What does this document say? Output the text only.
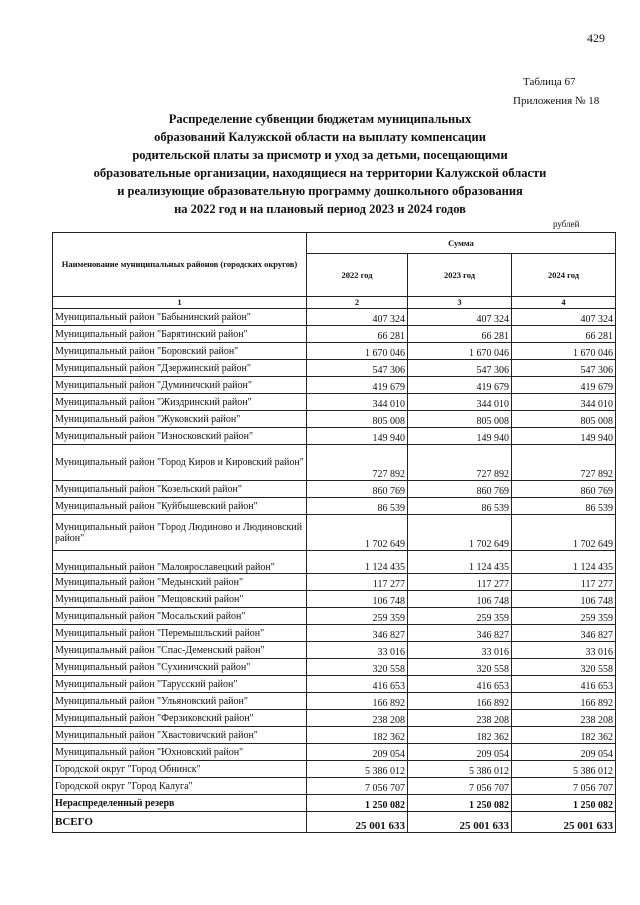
429
Таблица 67
Приложения № 18
Распределение субвенции бюджетам муниципальных
образований Калужской области на выплату компенсации
родительской платы за присмотр и уход за детьми, посещающими
образовательные организации, находящиеся на территории Калужской области
и реализующие образовательную программу дошкольного образования
на 2022 год и на плановый период 2023 и 2024 годов
рублей
Наименование муниципальных районов (городских округов)	Сумма		
	2022 год	2023 год	2024 год
1	2	3	4
Муниципальный район "Бабынинский район"	407 324	407 324	407 324
Муниципальный район "Барятинский район"	66 281	66 281	66 281
Муниципальный район "Боровский район"	1 670 046	1 670 046	1 670 046
Муниципальный район "Дзержинский район"	547 306	547 306	547 306
Муниципальный район "Думиничский район"	419 679	419 679	419 679
Муниципальный район "Жиздринский район"	344 010	344 010	344 010
Муниципальный район "Жуковский район"	805 008	805 008	805 008
Муниципальный район "Износковский район"	149 940	149 940	149 940
Муниципальный район "Город Киров и Кировский район"	727 892	727 892	727 892
Муниципальный район "Козельский район"	860 769	860 769	860 769
Муниципальный район "Куйбышевский район"	86 539	86 539	86 539
Муниципальный район "Город Людиново и Людиновский район"	1 702 649	1 702 649	1 702 649
Муниципальный район "Малоярославецкий район"	1 124 435	1 124 435	1 124 435
Муниципальный район "Медынский район"	117 277	117 277	117 277
Муниципальный район "Мещовский район"	106 748	106 748	106 748
Муниципальный район "Мосальский район"	259 359	259 359	259 359
Муниципальный район "Перемышльский район"	346 827	346 827	346 827
Муниципальный район "Спас-Деменский район"	33 016	33 016	33 016
Муниципальный район "Сухиничский район"	320 558	320 558	320 558
Муниципальный район "Тарусский район"	416 653	416 653	416 653
Муниципальный район "Ульяновский район"	166 892	166 892	166 892
Муниципальный район "Ферзиковский район"	238 208	238 208	238 208
Муниципальный район "Хвастовичский район"	182 362	182 362	182 362
Муниципальный район "Юхновский район"	209 054	209 054	209 054
Городской округ "Город Обнинск"	5 386 012	5 386 012	5 386 012
Городской округ "Город Калуга"	7 056 707	7 056 707	7 056 707
Нераспределенный резерв	1 250 082	1 250 082	1 250 082
ВСЕГО	25 001 633	25 001 633	25 001 633
